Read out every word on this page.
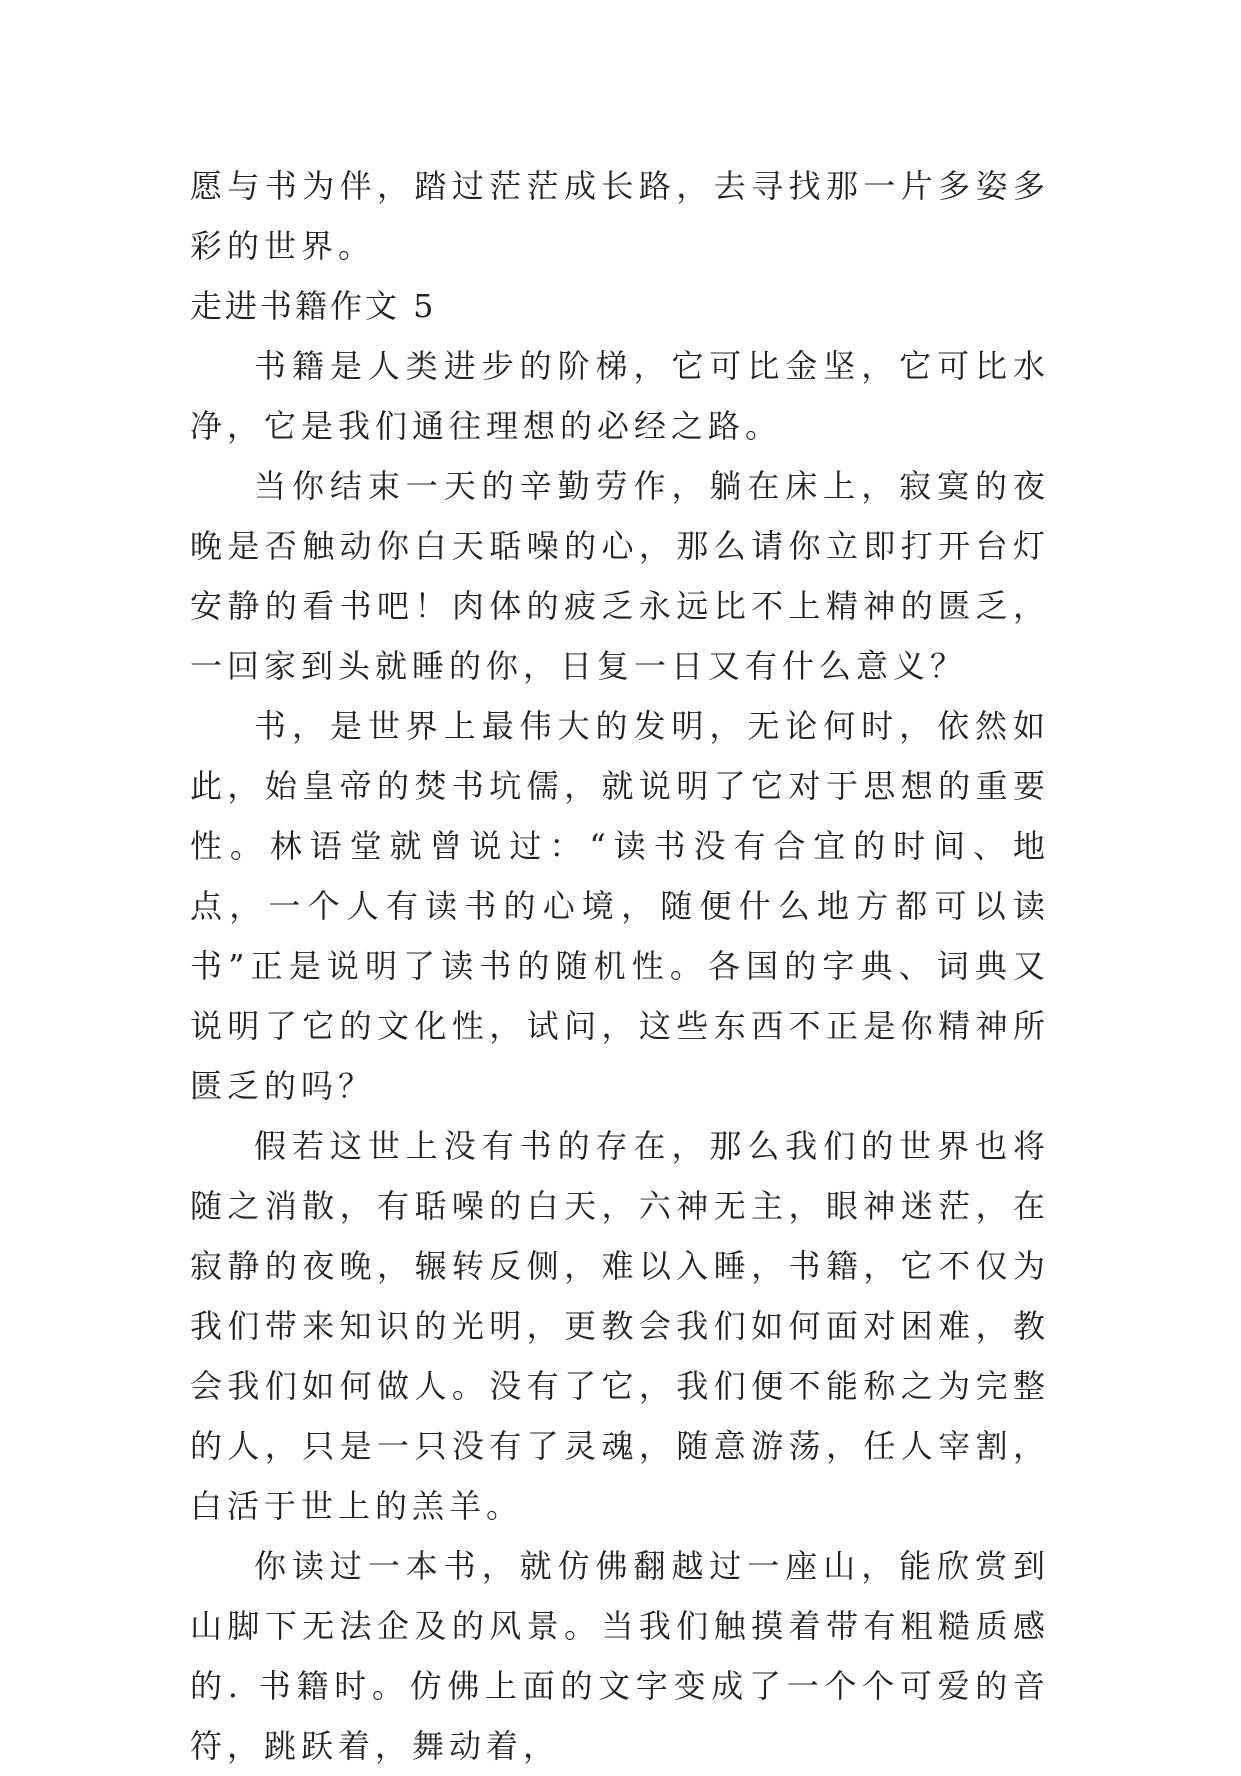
愿与书为伴，踏过茫茫成长路，去寻找那一片多姿多彩的世界。

走进书籍作文 5

书籍是人类进步的阶梯，它可比金坚，它可比水净，它是我们通往理想的必经之路。

当你结束一天的辛勤劳作，躺在床上，寂寞的夜晚是否触动你白天聒噪的心，那么请你立即打开台灯安静的看书吧！肉体的疲乏永远比不上精神的匮乏，一回家到头就睡的你，日复一日又有什么意义？

书，是世界上最伟大的发明，无论何时，依然如此，始皇帝的焚书坑儒，就说明了它对于思想的重要性。林语堂就曾说过：“读书没有合宜的时间、地点，一个人有读书的心境，随便什么地方都可以读书”正是说明了读书的随机性。各国的字典、词典又说明了它的文化性，试问，这些东西不正是你精神所匮乏的吗？

假若这世上没有书的存在，那么我们的世界也将随之消散，有聒噪的白天，六神无主，眼神迷茫，在寂静的夜晚，辗转反侧，难以入睡，书籍，它不仅为我们带来知识的光明，更教会我们如何面对困难，教会我们如何做人。没有了它，我们便不能称之为完整的人，只是一只没有了灵魂，随意游荡，任人宰割，白活于世上的羔羊。

你读过一本书，就仿佛翻越过一座山，能欣赏到山脚下无法企及的风景。当我们触摸着带有粗糙质感的. 书籍时。仿佛上面的文字变成了一个个可爱的音符，跳跃着，舞动着，
